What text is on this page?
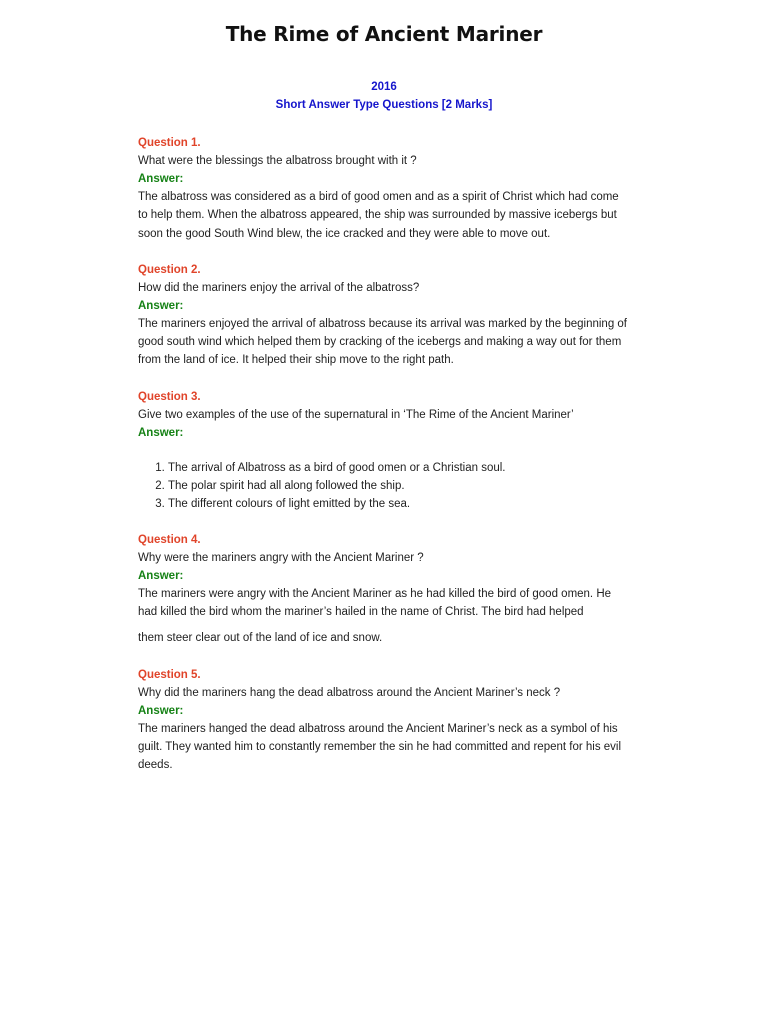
The Rime of Ancient Mariner
2016
Short Answer Type Questions [2 Marks]
Question 1.
What were the blessings the albatross brought with it ?
Answer:
The albatross was considered as a bird of good omen and as a spirit of Christ which had come to help them. When the albatross appeared, the ship was surrounded by massive icebergs but soon the good South Wind blew, the ice cracked and they were able to move out.
Question 2.
How did the mariners enjoy the arrival of the albatross?
Answer:
The mariners enjoyed the arrival of albatross because its arrival was marked by the beginning of good south wind which helped them by cracking of the icebergs and making a way out for them from the land of ice. It helped their ship move to the right path.
Question 3.
Give two examples of the use of the supernatural in ‘The Rime of the Ancient Mariner’
Answer:
1. The arrival of Albatross as a bird of good omen or a Christian soul.
2. The polar spirit had all along followed the ship.
3. The different colours of light emitted by the sea.
Question 4.
Why were the mariners angry with the Ancient Mariner ?
Answer:
The mariners were angry with the Ancient Mariner as he had killed the bird of good omen. He had killed the bird whom the mariner’s hailed in the name of Christ. The bird had helped
them steer clear out of the land of ice and snow.
Question 5.
Why did the mariners hang the dead albatross around the Ancient Mariner’s neck ?
Answer:
The mariners hanged the dead albatross around the Ancient Mariner’s neck as a symbol of his guilt. They wanted him to constantly remember the sin he had committed and repent for his evil deeds.
